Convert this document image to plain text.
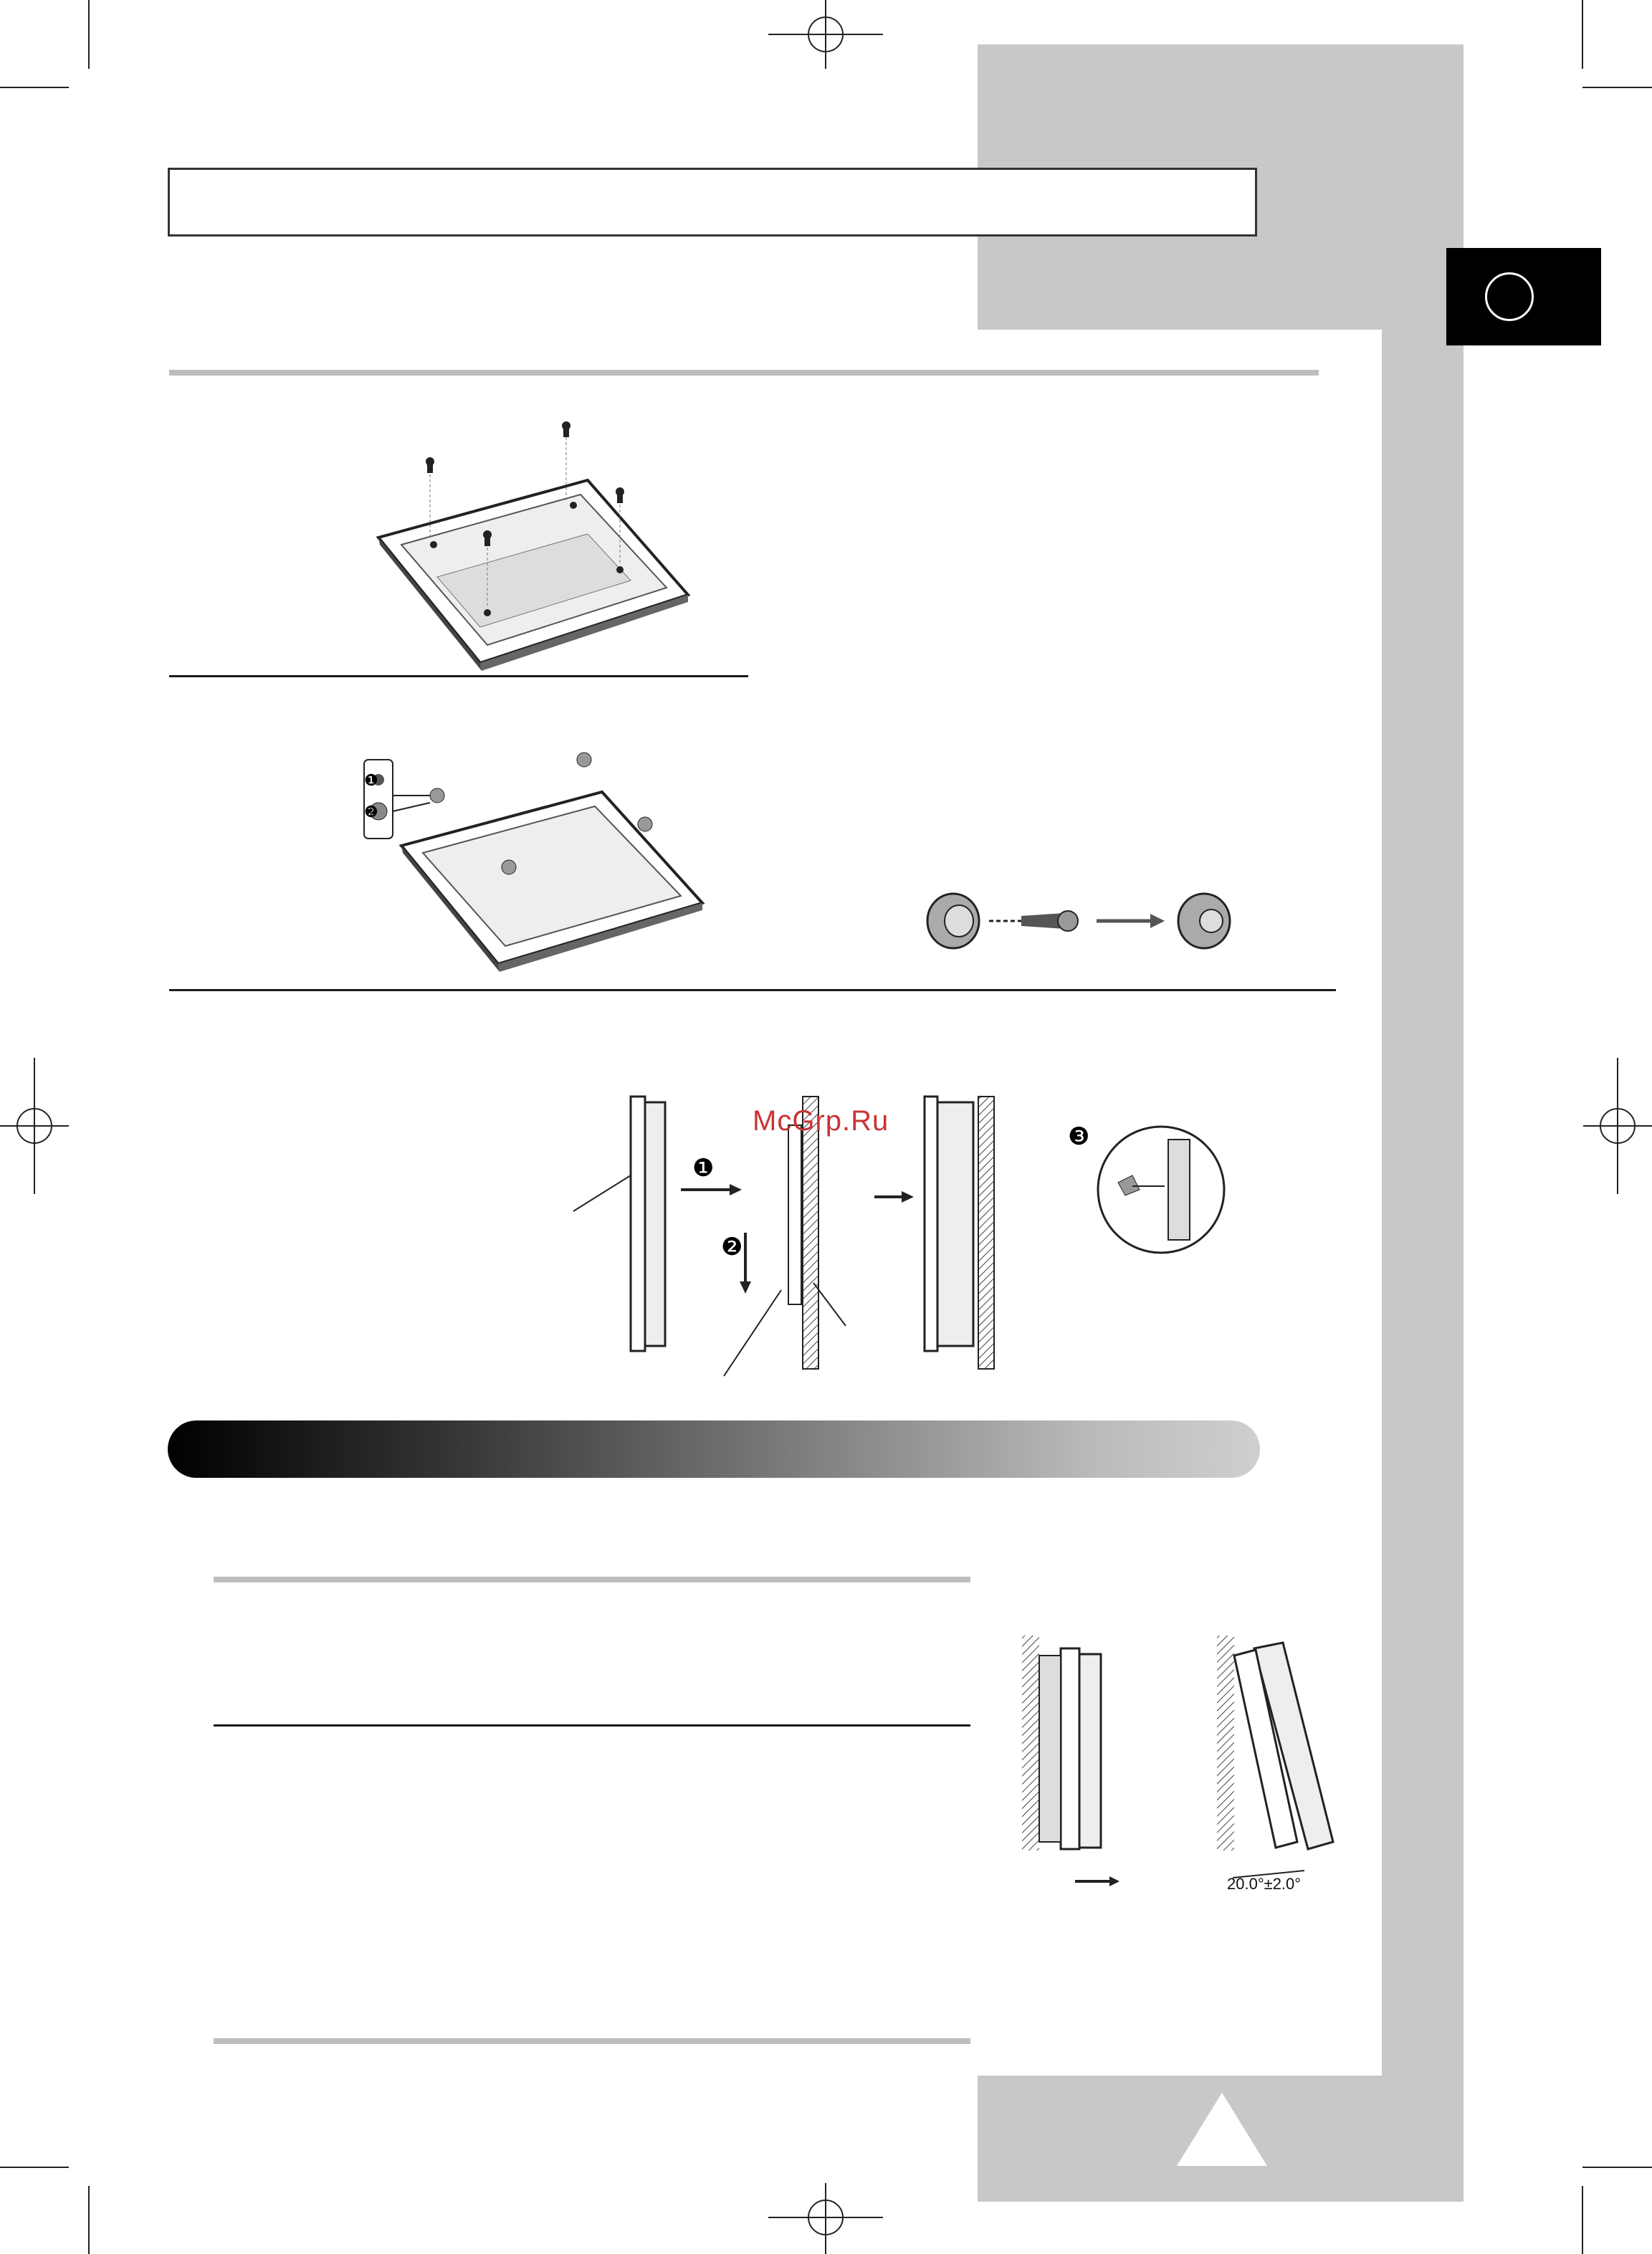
❶
❷
❶
❷
❸
McGrp.Ru
20.0°±2.0°
